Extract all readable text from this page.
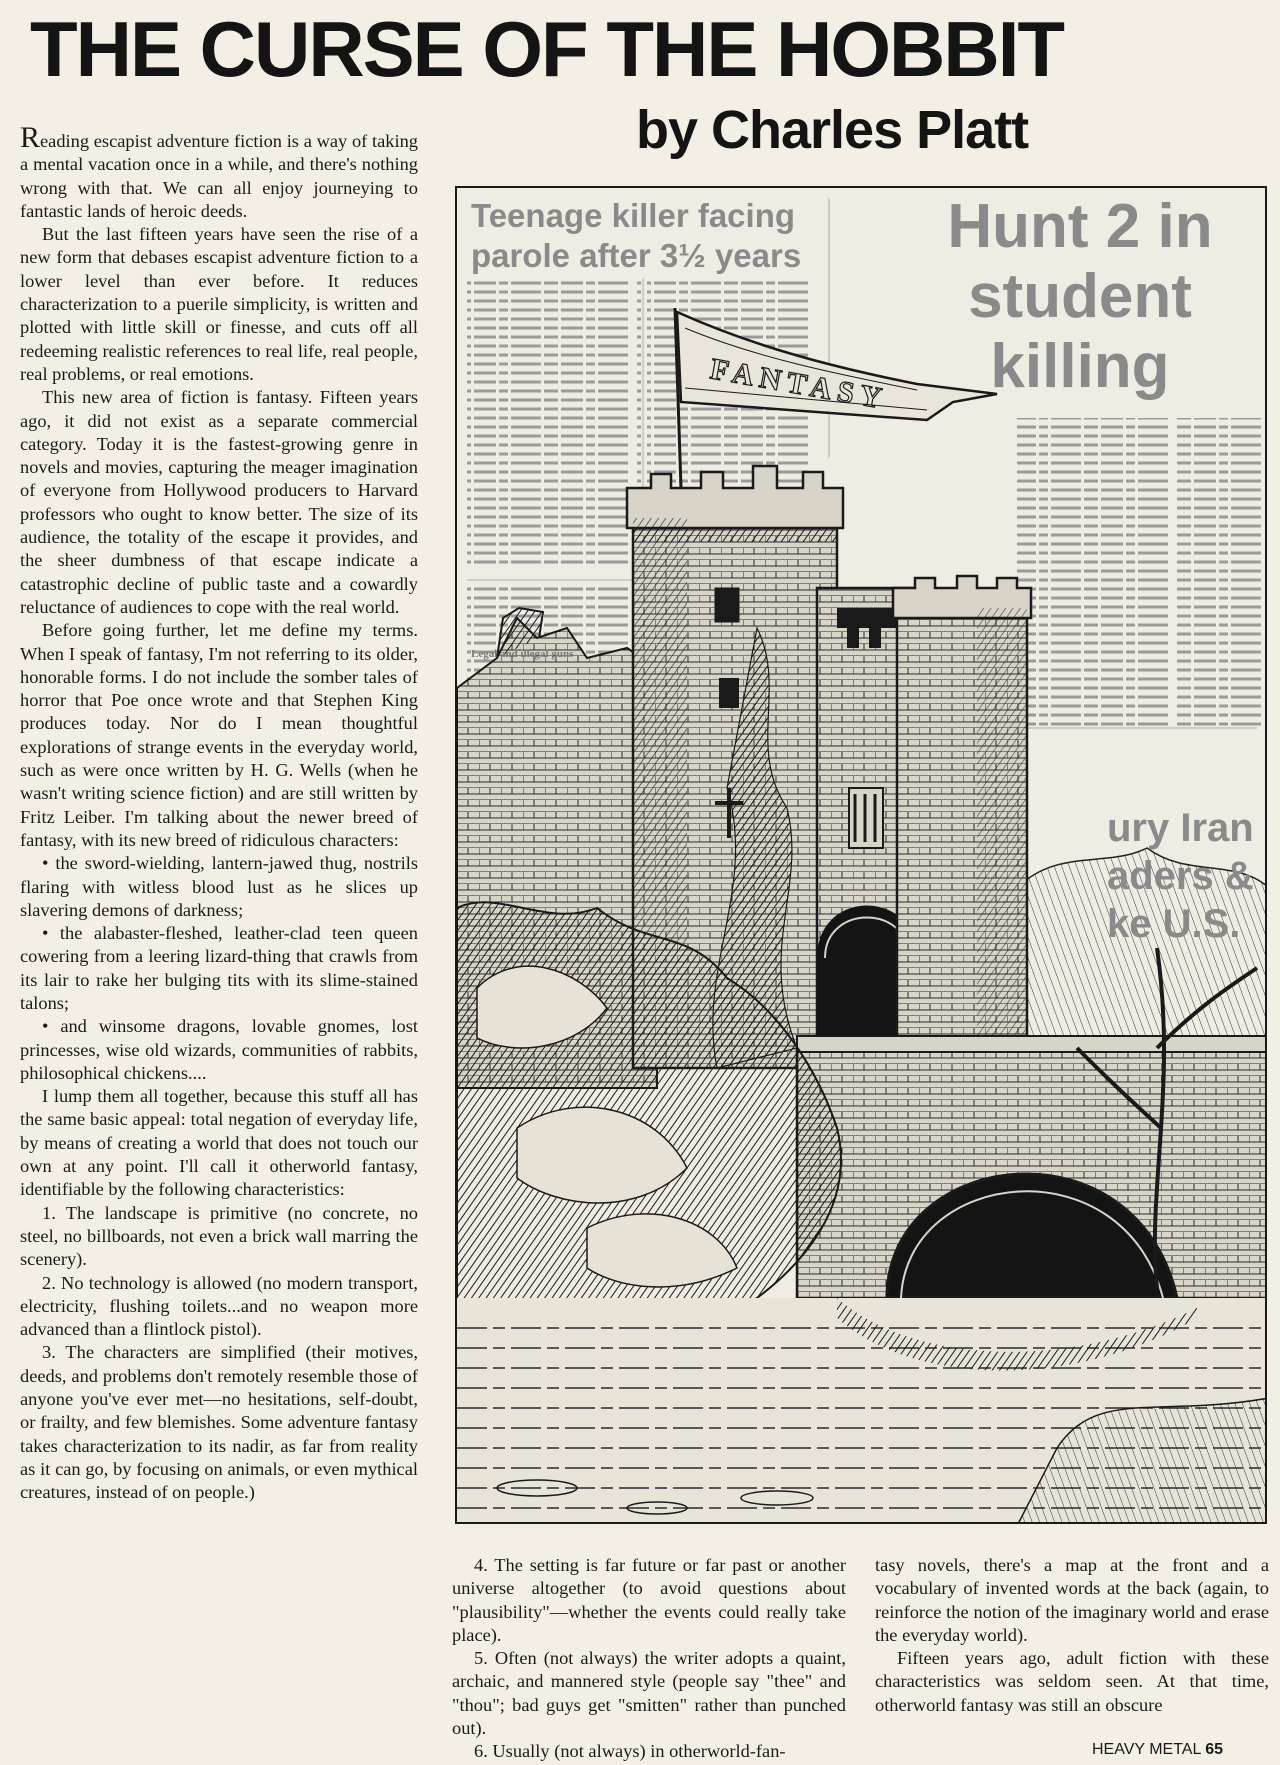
THE CURSE OF THE HOBBIT
by Charles Platt

Reading escapist adventure fiction is a way of taking a mental vacation once in a while, and there's nothing wrong with that. We can all enjoy journeying to fantastic lands of heroic deeds.

But the last fifteen years have seen the rise of a new form that debases escapist adventure fiction to a lower level than ever before. It reduces characterization to a puerile simplicity, is written and plotted with little skill or finesse, and cuts off all redeeming realistic references to real life, real people, real problems, or real emotions.

This new area of fiction is fantasy. Fifteen years ago, it did not exist as a separate commercial category. Today it is the fastest-growing genre in novels and movies, capturing the meager imagination of everyone from Hollywood producers to Harvard professors who ought to know better. The size of its audience, the totality of the escape it provides, and the sheer dumbness of that escape indicate a catastrophic decline of public taste and a cowardly reluctance of audiences to cope with the real world.

Before going further, let me define my terms. When I speak of fantasy, I'm not referring to its older, honorable forms. I do not include the somber tales of horror that Poe once wrote and that Stephen King produces today. Nor do I mean thoughtful explorations of strange events in the everyday world, such as were once written by H. G. Wells (when he wasn't writing science fiction) and are still written by Fritz Leiber. I'm talking about the newer breed of fantasy, with its new breed of ridiculous characters:

• the sword-wielding, lantern-jawed thug, nostrils flaring with witless blood lust as he slices up slavering demons of darkness;

• the alabaster-fleshed, leather-clad teen queen cowering from a leering lizard-thing that crawls from its lair to rake her bulging tits with its slime-stained talons;

• and winsome dragons, lovable gnomes, lost princesses, wise old wizards, communities of rabbits, philosophical chickens....

I lump them all together, because this stuff all has the same basic appeal: total negation of everyday life, by means of creating a world that does not touch our own at any point. I'll call it otherworld fantasy, identifiable by the following characteristics:

1. The landscape is primitive (no concrete, no steel, no billboards, not even a brick wall marring the scenery).

2. No technology is allowed (no modern transport, electricity, flushing toilets...and no weapon more advanced than a flintlock pistol).

3. The characters are simplified (their motives, deeds, and problems don't remotely resemble those of anyone you've ever met—no hesitations, self-doubt, or frailty, and few blemishes. Some adventure fantasy takes characterization to its nadir, as far from reality as it can go, by focusing on animals, or even mythical creatures, instead of on people.)

Teenage killer facing parole after 3½ years	Hunt 2 in student killing

ury Iran aders & ke U.S.

Legal and illegal guns
FANTASY

4. The setting is far future or far past or another universe altogether (to avoid questions about "plausibility"—whether the events could really take place).

5. Often (not always) the writer adopts a quaint, archaic, and mannered style (people say "thee" and "thou"; bad guys get "smitten" rather than punched out).

6. Usually (not always) in otherworld-fan-

tasy novels, there's a map at the front and a vocabulary of invented words at the back (again, to reinforce the notion of the imaginary world and erase the everyday world).

Fifteen years ago, adult fiction with these characteristics was seldom seen. At that time, otherworld fantasy was still an obscure

HEAVY METAL 65
